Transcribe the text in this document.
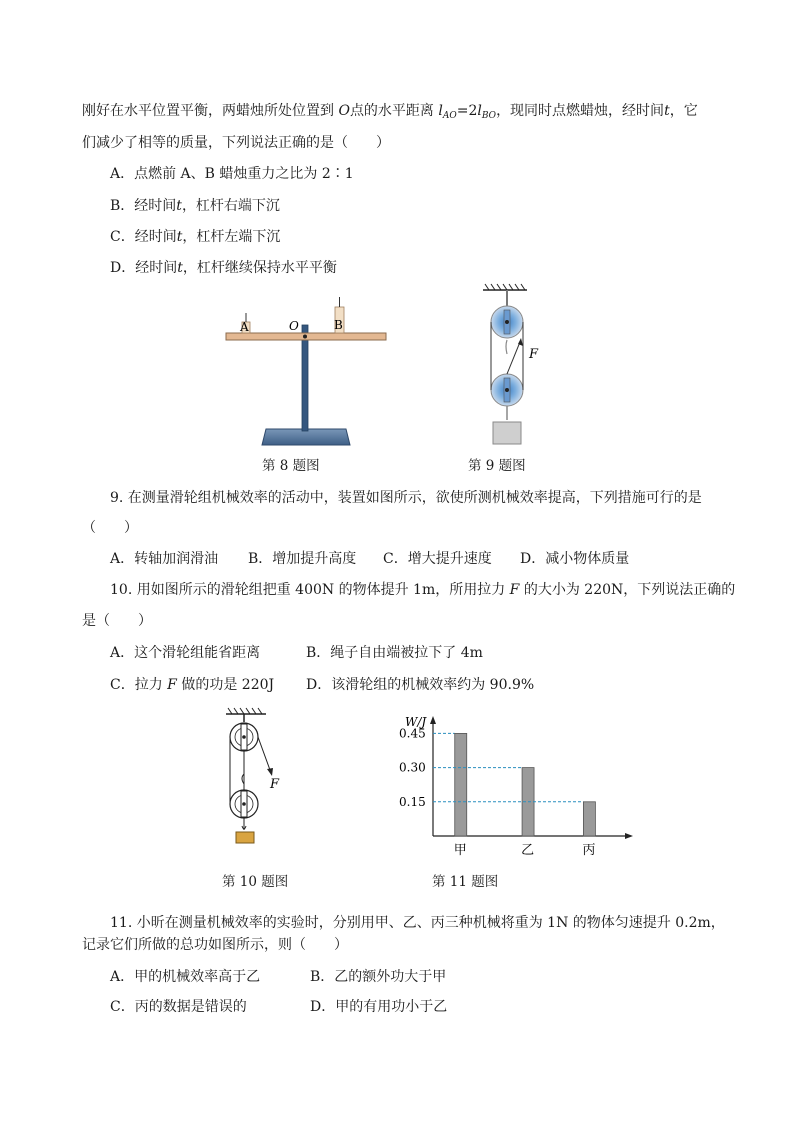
刚好在水平位置平衡，两蜡烛所处位置到 O点的水平距离 $l_{AO}=2l_{BO}$，现同时点燃蜡烛，经时间t，它
们减少了相等的质量，下列说法正确的是（　　）
A．点燃前 A、B 蜡烛重力之比为 2∶1
B．经时间t，杠杆右端下沉
C．经时间t，杠杆左端下沉
D．经时间t，杠杆继续保持水平平衡
A	B
O
第 8 题图
F
第 9 题图
9. 在测量滑轮组机械效率的活动中，装置如图所示，欲使所测机械效率提高，下列措施可行的是
（　　）
A．转轴加润滑油 B．增加提升高度 C．增大提升速度 D．减小物体质量
10. 用如图所示的滑轮组把重 400N 的物体提升 1m，所用拉力 F 的大小为 220N，下列说法正确的
是（　　）
A．这个滑轮组能省距离	B．绳子自由端被拉下了 4m
C．拉力 F 做的功是 220J D．该滑轮组的机械效率约为 90.9%
F
第 10 题图
W/J
甲	乙	丙
0.45
0.30
0.15
第 11 题图
11. 小昕在测量机械效率的实验时，分别用甲、乙、丙三种机械将重为 1N 的物体匀速提升 0.2m，
记录它们所做的总功如图所示，则（　　）
A．甲的机械效率高于乙	B．乙的额外功大于甲
C．丙的数据是错误的	D．甲的有用功小于乙
